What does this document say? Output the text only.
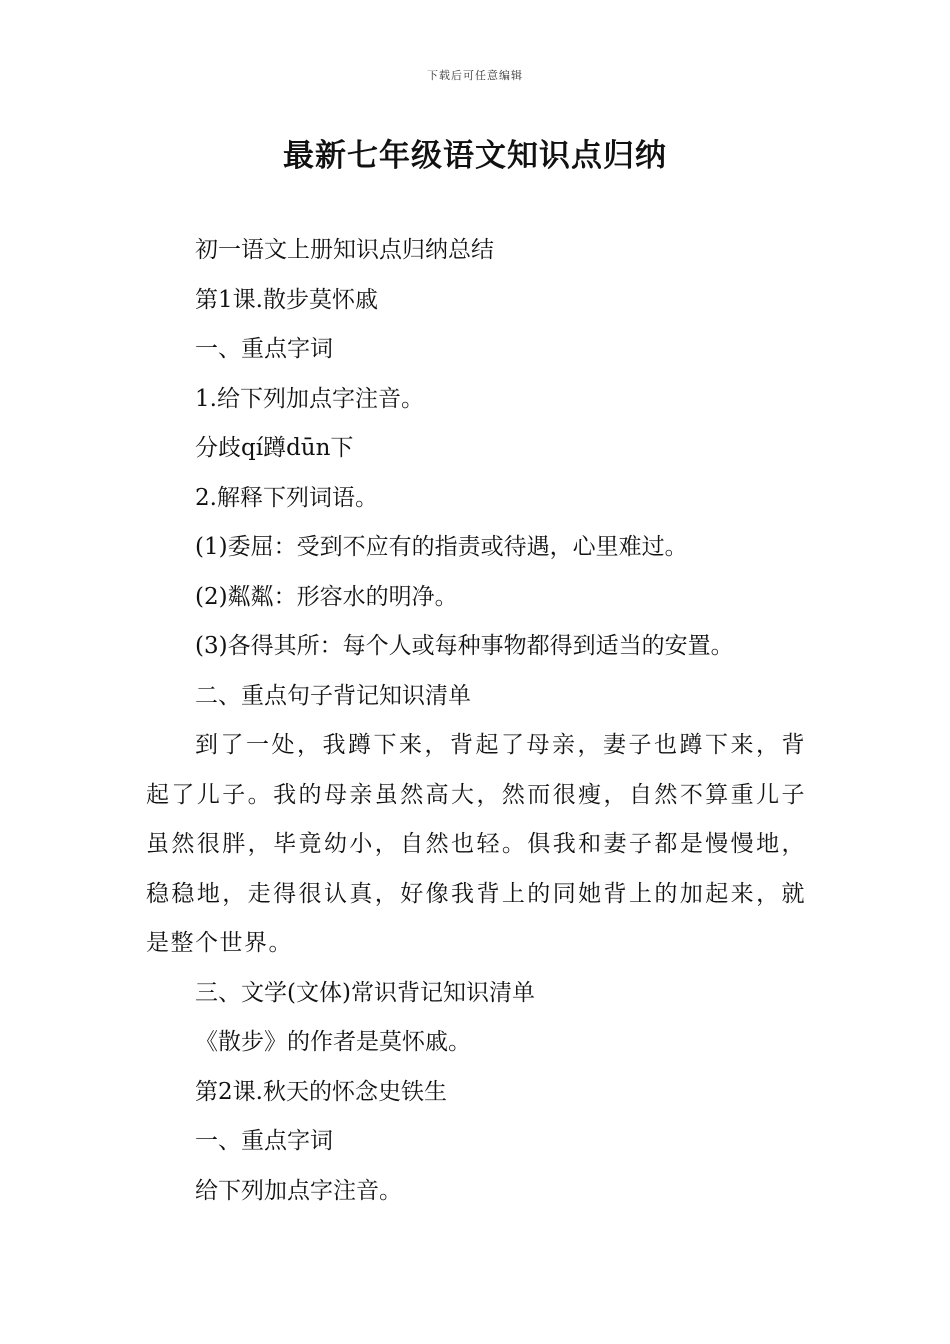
下载后可任意编辑
最新七年级语文知识点归纳
初一语文上册知识点归纳总结
第1课.散步莫怀戚
一、重点字词
1.给下列加点字注音。
分歧qí蹲dūn下
2.解释下列词语。
(1)委屈：受到不应有的指责或待遇，心里难过。
(2)粼粼：形容水的明净。
(3)各得其所：每个人或每种事物都得到适当的安置。
二、重点句子背记知识清单
到了一处，我蹲下来，背起了母亲，妻子也蹲下来，背起了儿子。我的母亲虽然高大，然而很瘦，自然不算重儿子虽然很胖，毕竟幼小，自然也轻。俱我和妻子都是慢慢地，稳稳地，走得很认真，好像我背上的同她背上的加起来，就是整个世界。
三、文学(文体)常识背记知识清单
《散步》的作者是莫怀戚。
第2课.秋天的怀念史铁生
一、重点字词
给下列加点字注音。
